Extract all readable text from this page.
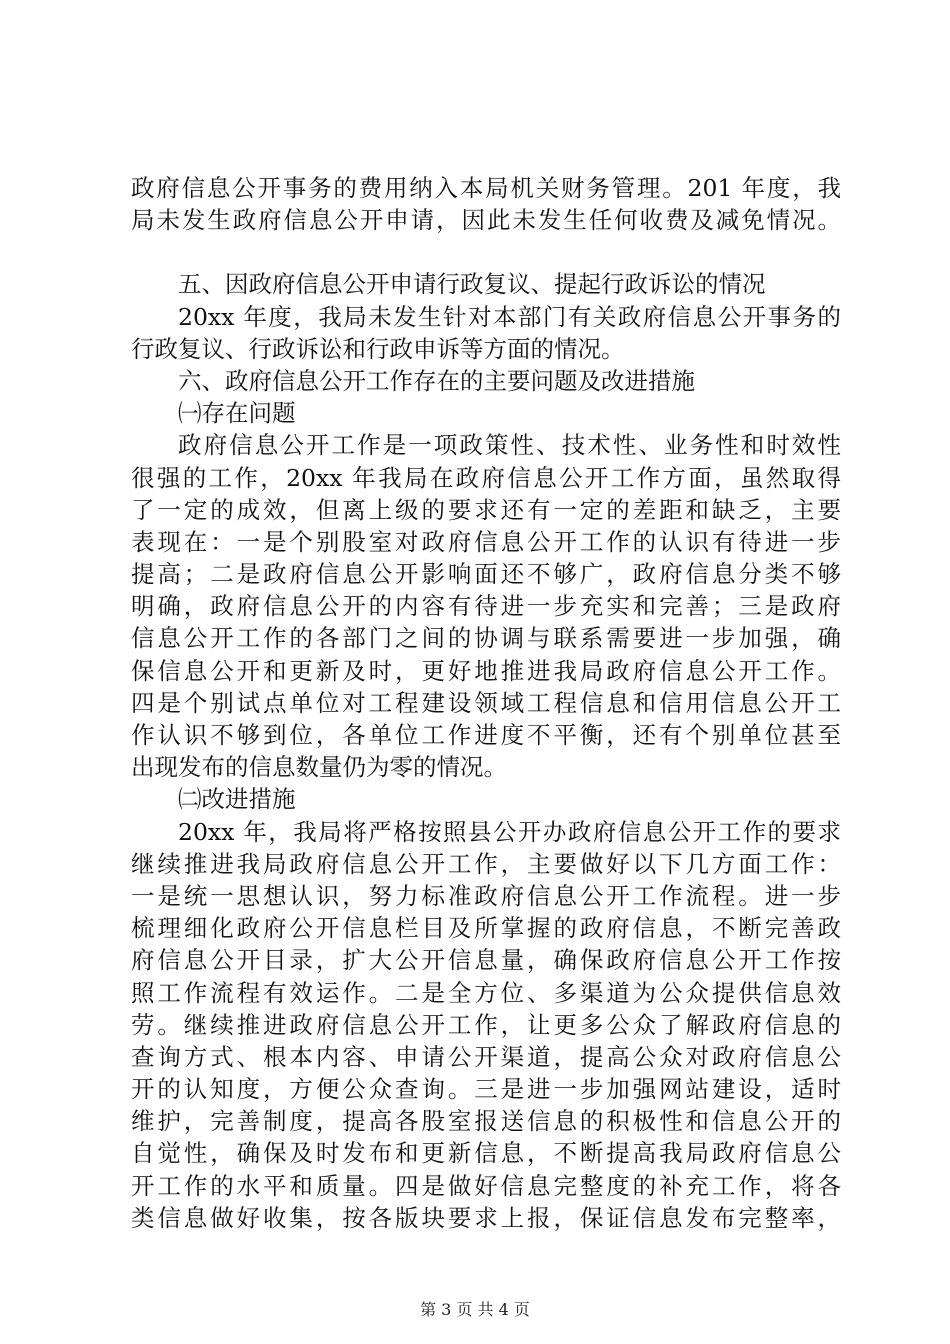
政府信息公开事务的费用纳入本局机关财务管理。201 年度，我
局未发生政府信息公开申请，因此未发生任何收费及减免情况。
五、因政府信息公开申请行政复议、提起行政诉讼的情况
20xx 年度，我局未发生针对本部门有关政府信息公开事务的
行政复议、行政诉讼和行政申诉等方面的情况。
六、政府信息公开工作存在的主要问题及改进措施
㈠存在问题
政府信息公开工作是一项政策性、技术性、业务性和时效性
很强的工作，20xx 年我局在政府信息公开工作方面，虽然取得
了一定的成效，但离上级的要求还有一定的差距和缺乏，主要
表现在：一是个别股室对政府信息公开工作的认识有待进一步
提高；二是政府信息公开影响面还不够广，政府信息分类不够
明确，政府信息公开的内容有待进一步充实和完善；三是政府
信息公开工作的各部门之间的协调与联系需要进一步加强，确
保信息公开和更新及时，更好地推进我局政府信息公开工作。
四是个别试点单位对工程建设领域工程信息和信用信息公开工
作认识不够到位，各单位工作进度不平衡，还有个别单位甚至
出现发布的信息数量仍为零的情况。
㈡改进措施
20xx 年，我局将严格按照县公开办政府信息公开工作的要求
继续推进我局政府信息公开工作，主要做好以下几方面工作：
一是统一思想认识，努力标准政府信息公开工作流程。进一步
梳理细化政府公开信息栏目及所掌握的政府信息，不断完善政
府信息公开目录，扩大公开信息量，确保政府信息公开工作按
照工作流程有效运作。二是全方位、多渠道为公众提供信息效
劳。继续推进政府信息公开工作，让更多公众了解政府信息的
查询方式、根本内容、申请公开渠道，提高公众对政府信息公
开的认知度，方便公众查询。三是进一步加强网站建设，适时
维护，完善制度，提高各股室报送信息的积极性和信息公开的
自觉性，确保及时发布和更新信息，不断提高我局政府信息公
开工作的水平和质量。四是做好信息完整度的补充工作，将各
类信息做好收集，按各版块要求上报，保证信息发布完整率，
第 3 页 共 4 页
